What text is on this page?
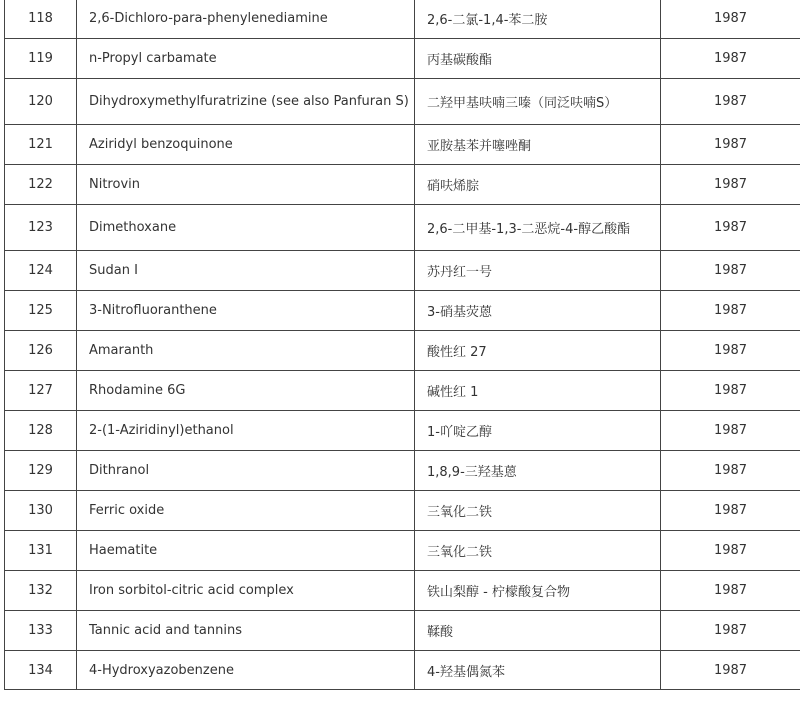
118	2,6-Dichloro-para-phenylenediamine	2,6-二氯-1,4-苯二胺	1987
119	n-Propyl carbamate	丙基碳酸酯	1987
120	Dihydroxymethylfuratrizine (see also Panfuran S)	二羟甲基呋喃三嗪（同泛呋喃S）	1987
121	Aziridyl benzoquinone	亚胺基苯并噻唑酮	1987
122	Nitrovin	硝呋烯腙	1987
123	Dimethoxane	2,6-二甲基-1,3-二恶烷-4-醇乙酸酯	1987
124	Sudan I	苏丹红一号	1987
125	3-Nitrofluoranthene	3-硝基荧蒽	1987
126	Amaranth	酸性红 27	1987
127	Rhodamine 6G	碱性红 1	1987
128	2-(1-Aziridinyl)ethanol	1-吖啶乙醇	1987
129	Dithranol	1,8,9-三羟基蒽	1987
130	Ferric oxide	三氧化二铁	1987
131	Haematite	三氧化二铁	1987
132	Iron sorbitol-citric acid complex	铁山梨醇 - 柠檬酸复合物	1987
133	Tannic acid and tannins	鞣酸	1987
134	4-Hydroxyazobenzene	4-羟基偶氮苯	1987
